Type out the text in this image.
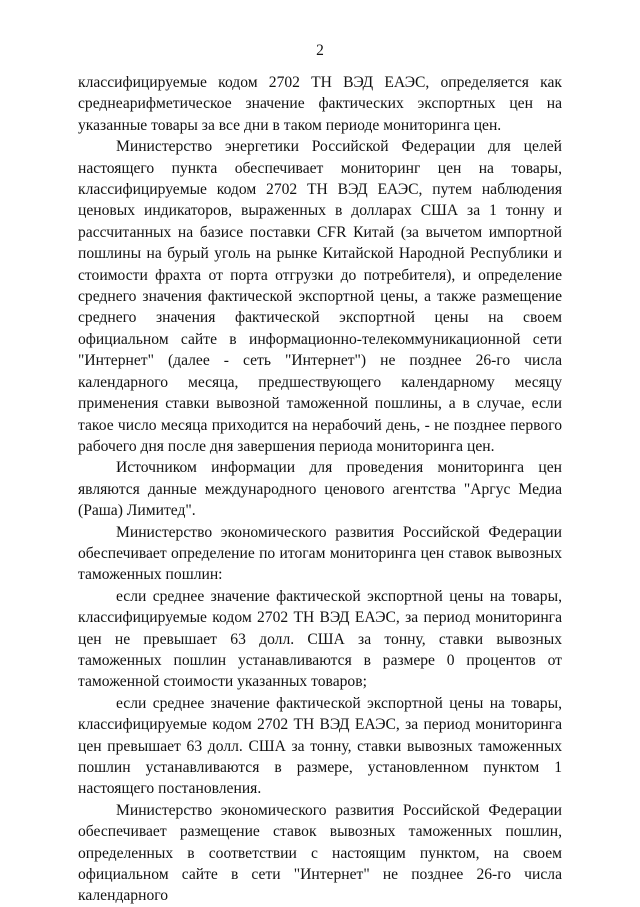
2

классифицируемые кодом 2702 ТН ВЭД ЕАЭС, определяется как среднеарифметическое значение фактических экспортных цен на указанные товары за все дни в таком периоде мониторинга цен.

Министерство энергетики Российской Федерации для целей настоящего пункта обеспечивает мониторинг цен на товары, классифицируемые кодом 2702 ТН ВЭД ЕАЭС, путем наблюдения ценовых индикаторов, выраженных в долларах США за 1 тонну и рассчитанных на базисе поставки CFR Китай (за вычетом импортной пошлины на бурый уголь на рынке Китайской Народной Республики и стоимости фрахта от порта отгрузки до потребителя), и определение среднего значения фактической экспортной цены, а также размещение среднего значения фактической экспортной цены на своем официальном сайте в информационно-телекоммуникационной сети "Интернет" (далее - сеть "Интернет") не позднее 26-го числа календарного месяца, предшествующего календарному месяцу применения ставки вывозной таможенной пошлины, а в случае, если такое число месяца приходится на нерабочий день, - не позднее первого рабочего дня после дня завершения периода мониторинга цен.

Источником информации для проведения мониторинга цен являются данные международного ценового агентства "Аргус Медиа (Раша) Лимитед".

Министерство экономического развития Российской Федерации обеспечивает определение по итогам мониторинга цен ставок вывозных таможенных пошлин:

если среднее значение фактической экспортной цены на товары, классифицируемые кодом 2702 ТН ВЭД ЕАЭС, за период мониторинга цен не превышает 63 долл. США за тонну, ставки вывозных таможенных пошлин устанавливаются в размере 0 процентов от таможенной стоимости указанных товаров;

если среднее значение фактической экспортной цены на товары, классифицируемые кодом 2702 ТН ВЭД ЕАЭС, за период мониторинга цен превышает 63 долл. США за тонну, ставки вывозных таможенных пошлин устанавливаются в размере, установленном пунктом 1 настоящего постановления.

Министерство экономического развития Российской Федерации обеспечивает размещение ставок вывозных таможенных пошлин, определенных в соответствии с настоящим пунктом, на своем официальном сайте в сети "Интернет" не позднее 26-го числа календарного
